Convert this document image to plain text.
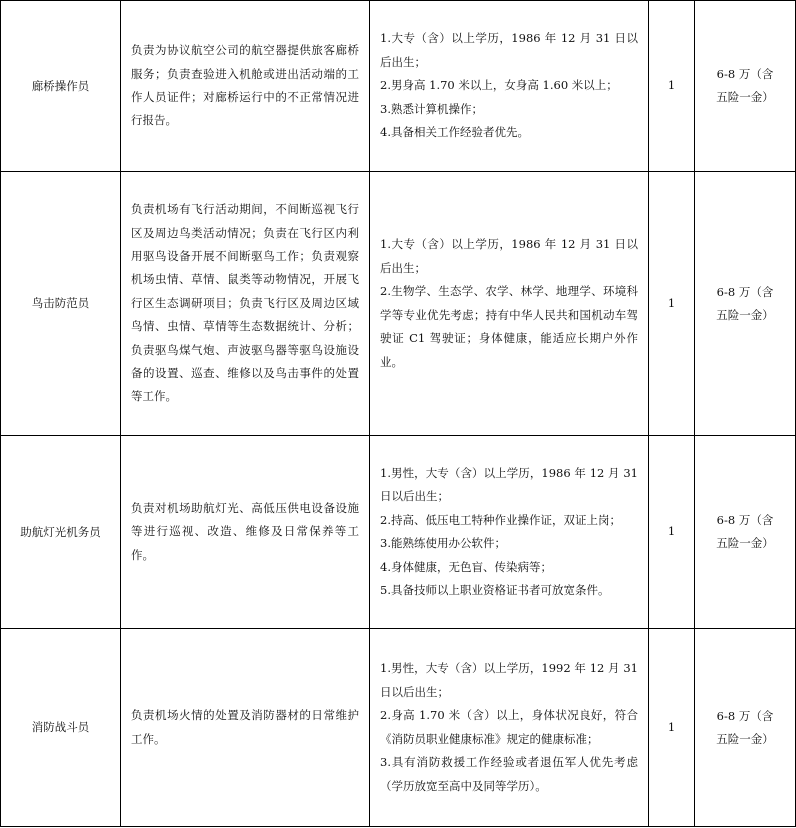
廊桥操作员	负责为协议航空公司的航空器提供旅客廊桥服务；负责查验进入机舱或进出活动端的工作人员证件；对廊桥运行中的不正常情况进行报告。	1.大专（含）以上学历，1986 年 12 月 31 日以后出生；
2.男身高 1.70 米以上，女身高 1.60 米以上；
3.熟悉计算机操作；
4.具备相关工作经验者优先。	1	6-8 万（含
五险一金）

鸟击防范员	负责机场有飞行活动期间，不间断巡视飞行区及周边鸟类活动情况；负责在飞行区内利用驱鸟设备开展不间断驱鸟工作；负责观察机场虫情、草情、鼠类等动物情况，开展飞行区生态调研项目；负责飞行区及周边区域鸟情、虫情、草情等生态数据统计、分析；负责驱鸟煤气炮、声波驱鸟器等驱鸟设施设备的设置、巡查、维修以及鸟击事件的处置等工作。	1.大专（含）以上学历，1986 年 12 月 31 日以后出生；
2.生物学、生态学、农学、林学、地理学、环境科学等专业优先考虑；持有中华人民共和国机动车驾驶证 C1 驾驶证；身体健康，能适应长期户外作业。	1	6-8 万（含
五险一金）

助航灯光机务员	负责对机场助航灯光、高低压供电设备设施等进行巡视、改造、维修及日常保养等工作。	1.男性，大专（含）以上学历，1986 年 12 月 31 日以后出生；
2.持高、低压电工特种作业操作证，双证上岗；
3.能熟练使用办公软件；
4.身体健康，无色盲、传染病等；
5.具备技师以上职业资格证书者可放宽条件。	1	6-8 万（含
五险一金）

消防战斗员	负责机场火情的处置及消防器材的日常维护工作。	1.男性，大专（含）以上学历，1992 年 12 月 31 日以后出生；
2.身高 1.70 米（含）以上，身体状况良好，符合《消防员职业健康标准》规定的健康标准；
3.具有消防救援工作经验或者退伍军人优先考虑（学历放宽至高中及同等学历）。	1	6-8 万（含
五险一金）
